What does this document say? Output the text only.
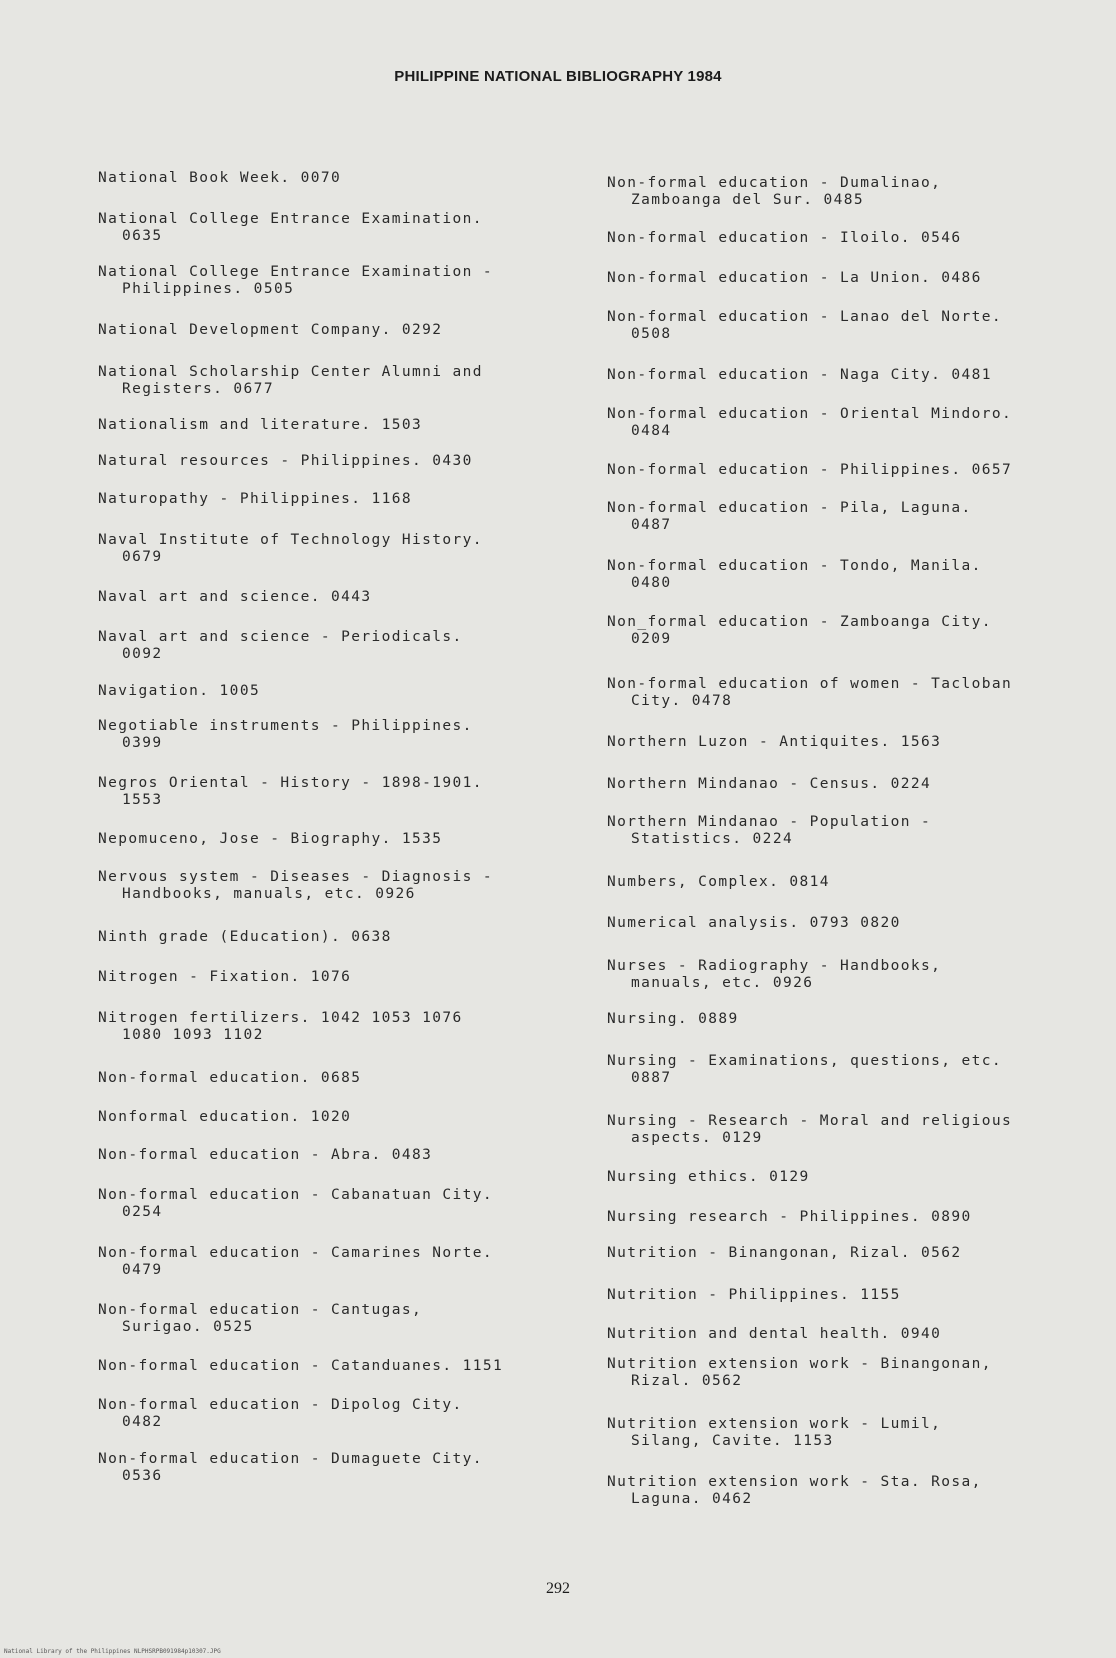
PHILIPPINE NATIONAL BIBLIOGRAPHY 1984

National Book Week. 0070

National College Entrance Examination.
0635

National College Entrance Examination -
Philippines. 0505

National Development Company. 0292

National Scholarship Center Alumni and
Registers. 0677

Nationalism and literature. 1503

Natural resources - Philippines. 0430

Naturopathy - Philippines. 1168

Naval Institute of Technology History.
0679

Naval art and science. 0443

Naval art and science - Periodicals.
0092

Navigation. 1005

Negotiable instruments - Philippines.
0399

Negros Oriental - History - 1898-1901.
1553

Nepomuceno, Jose - Biography. 1535

Nervous system - Diseases - Diagnosis -
Handbooks, manuals, etc. 0926

Ninth grade (Education). 0638

Nitrogen - Fixation. 1076

Nitrogen fertilizers. 1042 1053 1076
1080 1093 1102

Non-formal education. 0685

Nonformal education. 1020

Non-formal education - Abra. 0483

Non-formal education - Cabanatuan City.
0254

Non-formal education - Camarines Norte.
0479

Non-formal education - Cantugas,
Surigao. 0525

Non-formal education - Catanduanes. 1151

Non-formal education - Dipolog City.
0482

Non-formal education - Dumaguete City.
0536

Non-formal education - Dumalinao,
Zamboanga del Sur. 0485

Non-formal education - Iloilo. 0546

Non-formal education - La Union. 0486

Non-formal education - Lanao del Norte.
0508

Non-formal education - Naga City. 0481

Non-formal education - Oriental Mindoro.
0484

Non-formal education - Philippines. 0657

Non-formal education - Pila, Laguna.
0487

Non-formal education - Tondo, Manila.
0480

Non_formal education - Zamboanga City.
0209

Non-formal education of women - Tacloban
City. 0478

Northern Luzon - Antiquites. 1563

Northern Mindanao - Census. 0224

Northern Mindanao - Population -
Statistics. 0224

Numbers, Complex. 0814

Numerical analysis. 0793 0820

Nurses - Radiography - Handbooks,
manuals, etc. 0926

Nursing. 0889

Nursing - Examinations, questions, etc.
0887

Nursing - Research - Moral and religious
aspects. 0129

Nursing ethics. 0129

Nursing research - Philippines. 0890

Nutrition - Binangonan, Rizal. 0562

Nutrition - Philippines. 1155

Nutrition and dental health. 0940

Nutrition extension work - Binangonan,
Rizal. 0562

Nutrition extension work - Lumil,
Silang, Cavite. 1153

Nutrition extension work - Sta. Rosa,
Laguna. 0462

292
National Library of the Philippines NLPHSRPB091984p10307.JPG
